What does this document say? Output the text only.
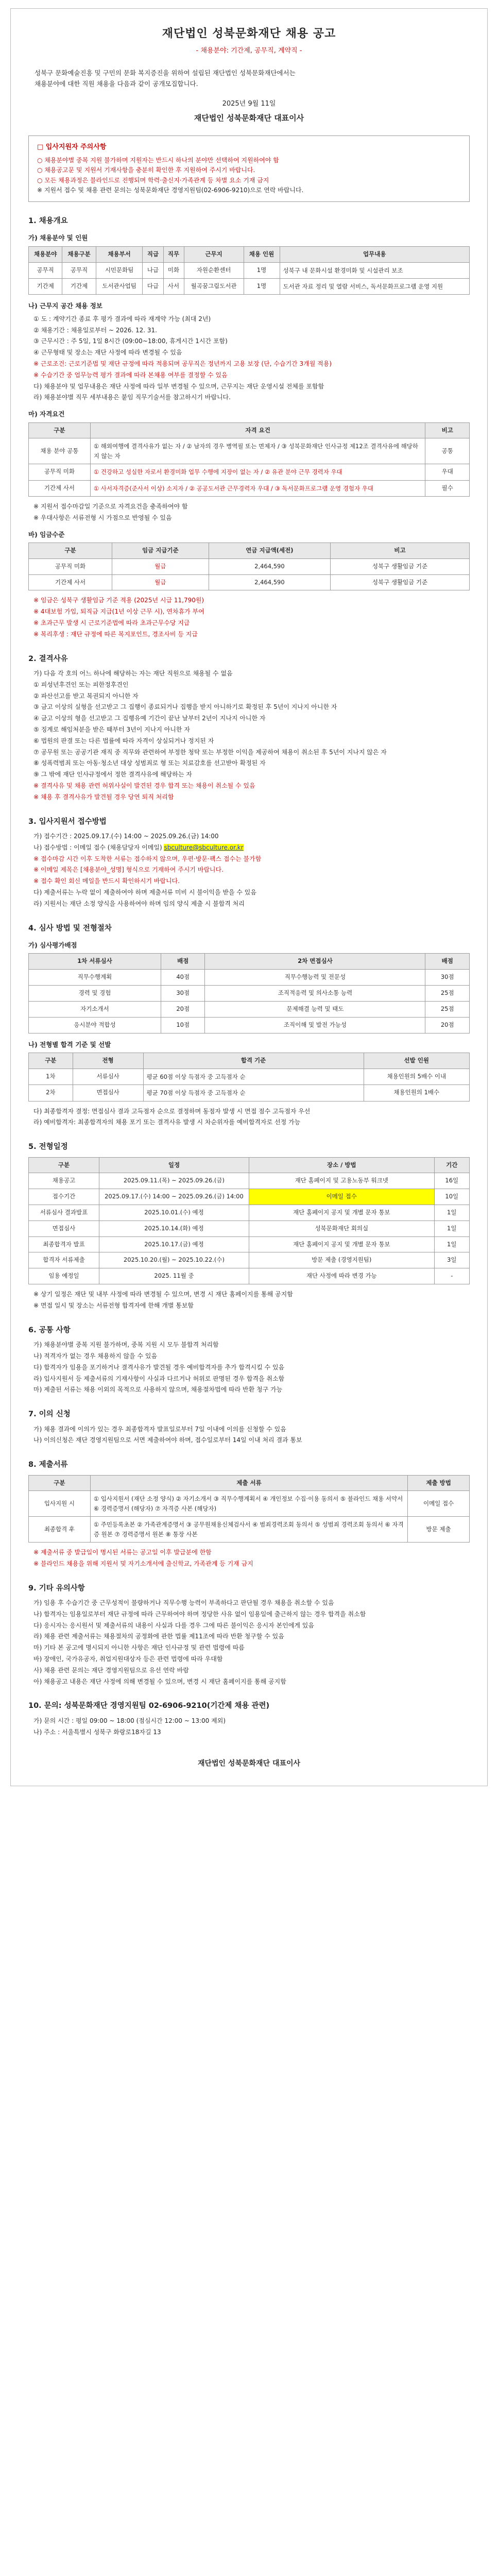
재단법인 성북문화재단 채용 공고
- 채용분야: 기간제, 공무직, 계약직 -
성북구 문화예술진흥 및 구민의 문화 복지증진을 위하여 설립된 재단법인 성북문화재단에서는
채용분야에 대한 직원 채용을 다음과 같이 공개모집합니다.
2025년 9월 11일
재단법인 성북문화재단 대표이사
□ 입사지원자 주의사항
○ 채용분야별 중복 지원 불가하며 지원자는 반드시 하나의 분야만 선택하여 지원하여야 함
○ 채용공고문 및 지원서 기재사항을 충분히 확인한 후 지원하여 주시기 바랍니다.
○ 모든 채용과정은 블라인드로 진행되며 학력·출신지·가족관계 등 차별 요소 기재 금지
※ 지원서 접수 및 채용 관련 문의는 성북문화재단 경영지원팀(02-6906-9210)으로 연락 바랍니다.
1. 채용개요
가) 채용분야 및 인원
채용분야	채용구분	채용부서	직급	직무	근무지	채용 인원	업무내용
공무직	공무직	시민문화팀	나급	미화	자원순환센터	1명	성북구 내 문화시설 환경미화 및 시설관리 보조
기간제	기간제	도서관사업팀	다급	사서	월곡꿈그림도서관	1명	도서관 자료 정리 및 열람 서비스, 독서문화프로그램 운영 지원
나) 근무지 공간 채용 정보

① 도 : 계약기간 종료 후 평가 결과에 따라 재계약 가능 (최대 2년)

② 채용기간 : 채용일로부터 ~ 2026. 12. 31.

③ 근무시간 : 주 5일, 1일 8시간 (09:00~18:00, 휴게시간 1시간 포함)

④ 근무형태 및 장소는 재단 사정에 따라 변경될 수 있음

※ 근로조건: 근로기준법 및 재단 규정에 따라 적용되며 공무직은 정년까지 고용 보장 (단, 수습기간 3개월 적용)

※ 수습기간 중 업무능력 평가 결과에 따라 본채용 여부를 결정할 수 있음

다) 채용분야 및 업무내용은 재단 사정에 따라 일부 변경될 수 있으며, 근무지는 재단 운영시설 전체를 포함함

라) 채용분야별 직무 세부내용은 붙임 직무기술서를 참고하시기 바랍니다.

마) 자격요건
구분	자격 요건	비고
채용 분야 공통	① 해외여행에 결격사유가 없는 자 / ② 남자의 경우 병역필 또는 면제자 / ③ 성북문화재단 인사규정 제12조 결격사유에 해당하지 않는 자	공통
공무직 미화	① 건강하고 성실한 자로서 환경미화 업무 수행에 지장이 없는 자 / ② 유관 분야 근무 경력자 우대	우대
기간제 사서	① 사서자격증(준사서 이상) 소지자 / ② 공공도서관 근무경력자 우대 / ③ 독서문화프로그램 운영 경험자 우대	필수

※ 지원서 접수마감일 기준으로 자격요건을 충족하여야 함

※ 우대사항은 서류전형 시 가점으로 반영될 수 있음

바) 임금수준
구분	임금 지급기준	연금 지급액(세전)	비고
공무직 미화	월급	2,464,590	성북구 생활임금 기준
기간제 사서	월급	2,464,590	성북구 생활임금 기준

※ 임금은 성북구 생활임금 기준 적용 (2025년 시급 11,790원)

※ 4대보험 가입, 퇴직금 지급(1년 이상 근무 시), 연차휴가 부여

※ 초과근무 발생 시 근로기준법에 따라 초과근무수당 지급

※ 복리후생 : 재단 규정에 따른 복지포인트, 경조사비 등 지급

2. 결격사유

가) 다음 각 호의 어느 하나에 해당하는 자는 재단 직원으로 채용될 수 없음

① 피성년후견인 또는 피한정후견인

② 파산선고를 받고 복권되지 아니한 자

③ 금고 이상의 실형을 선고받고 그 집행이 종료되거나 집행을 받지 아니하기로 확정된 후 5년이 지나지 아니한 자

④ 금고 이상의 형을 선고받고 그 집행유예 기간이 끝난 날부터 2년이 지나지 아니한 자

⑤ 징계로 해임처분을 받은 때부터 3년이 지나지 아니한 자

⑥ 법원의 판결 또는 다른 법률에 따라 자격이 상실되거나 정지된 자

⑦ 공무원 또는 공공기관 재직 중 직무와 관련하여 부정한 청탁 또는 부정한 이익을 제공하여 채용이 취소된 후 5년이 지나지 않은 자

⑧ 성폭력범죄 또는 아동·청소년 대상 성범죄로 형 또는 치료감호를 선고받아 확정된 자

⑨ 그 밖에 재단 인사규정에서 정한 결격사유에 해당하는 자

※ 결격사유 및 채용 관련 허위사실이 발견된 경우 합격 또는 채용이 취소될 수 있음

※ 채용 후 결격사유가 발견될 경우 당연 퇴직 처리함

3. 입사지원서 접수방법

가) 접수기간 : 2025.09.17.(수) 14:00 ~ 2025.09.26.(금) 14:00

나) 접수방법 : 이메일 접수 (채용담당자 이메일) sbculture@sbculture.or.kr

※ 접수마감 시간 이후 도착한 서류는 접수하지 않으며, 우편·방문·팩스 접수는 불가함

※ 이메일 제목은 [채용분야_성명] 형식으로 기재하여 주시기 바랍니다.

※ 접수 확인 회신 메일을 반드시 확인하시기 바랍니다.

다) 제출서류는 누락 없이 제출하여야 하며 제출서류 미비 시 불이익을 받을 수 있음

라) 지원서는 재단 소정 양식을 사용하여야 하며 임의 양식 제출 시 불합격 처리

4. 심사 방법 및 전형절차
가) 심사평가배점
1차 서류심사	배점	2차 면접심사	배점
직무수행계획	40점	직무수행능력 및 전문성	30점
경력 및 경험	30점	조직적응력 및 의사소통 능력	25점
자기소개서	20점	문제해결 능력 및 태도	25점
응시분야 적합성	10점	조직이해 및 발전 가능성	20점
나) 전형별 합격 기준 및 선발
구분	전형	합격 기준	선발 인원
1차	서류심사	평균 60점 이상 득점자 중 고득점자 순	채용인원의 5배수 이내
2차	면접심사	평균 70점 이상 득점자 중 고득점자 순	채용인원의 1배수

다) 최종합격자 결정: 면접심사 결과 고득점자 순으로 결정하며 동점자 발생 시 면접 점수 고득점자 우선

라) 예비합격자: 최종합격자의 채용 포기 또는 결격사유 발생 시 차순위자를 예비합격자로 선정 가능

5. 전형일정
구분	일정	장소 / 방법	기간
채용공고	2025.09.11.(목) ~ 2025.09.26.(금)	재단 홈페이지 및 고용노동부 워크넷	16일
접수기간	2025.09.17.(수) 14:00 ~ 2025.09.26.(금) 14:00	이메일 접수	10일
서류심사 결과발표	2025.10.01.(수) 예정	재단 홈페이지 공지 및 개별 문자 통보	1일
면접심사	2025.10.14.(화) 예정	성북문화재단 회의실	1일
최종합격자 발표	2025.10.17.(금) 예정	재단 홈페이지 공지 및 개별 문자 통보	1일
합격자 서류제출	2025.10.20.(월) ~ 2025.10.22.(수)	방문 제출 (경영지원팀)	3일
임용 예정일	2025. 11월 중	재단 사정에 따라 변경 가능	-

※ 상기 일정은 재단 및 내부 사정에 따라 변경될 수 있으며, 변경 시 재단 홈페이지를 통해 공지함

※ 면접 일시 및 장소는 서류전형 합격자에 한해 개별 통보함

6. 공통 사항

가) 채용분야별 중복 지원 불가하며, 중복 지원 시 모두 불합격 처리함

나) 적격자가 없는 경우 채용하지 않을 수 있음

다) 합격자가 임용을 포기하거나 결격사유가 발견될 경우 예비합격자를 추가 합격시킬 수 있음

라) 입사지원서 등 제출서류의 기재사항이 사실과 다르거나 허위로 판명된 경우 합격을 취소함

마) 제출된 서류는 채용 이외의 목적으로 사용하지 않으며, 채용절차법에 따라 반환 청구 가능

7. 이의 신청

가) 채용 결과에 이의가 있는 경우 최종합격자 발표일로부터 7일 이내에 이의를 신청할 수 있음

나) 이의신청은 재단 경영지원팀으로 서면 제출하여야 하며, 접수일로부터 14일 이내 처리 결과 통보

8. 제출서류
구분	제출 서류	제출 방법
입사지원 시	① 입사지원서 (재단 소정 양식) ② 자기소개서 ③ 직무수행계획서 ④ 개인정보 수집·이용 동의서 ⑤ 블라인드 채용 서약서 ⑥ 경력증명서 (해당자) ⑦ 자격증 사본 (해당자)	이메일 접수
최종합격 후	① 주민등록초본 ② 가족관계증명서 ③ 공무원채용신체검사서 ④ 범죄경력조회 동의서 ⑤ 성범죄 경력조회 동의서 ⑥ 자격증 원본 ⑦ 경력증명서 원본 ⑧ 통장 사본	방문 제출

※ 제출서류 중 발급일이 명시된 서류는 공고일 이후 발급분에 한함

※ 블라인드 채용을 위해 지원서 및 자기소개서에 출신학교, 가족관계 등 기재 금지

9. 기타 유의사항

가) 임용 후 수습기간 중 근무성적이 불량하거나 직무수행 능력이 부족하다고 판단될 경우 채용을 취소할 수 있음

나) 합격자는 임용일로부터 재단 규정에 따라 근무하여야 하며 정당한 사유 없이 임용일에 출근하지 않는 경우 합격을 취소함

다) 응시자는 응시원서 및 제출서류의 내용이 사실과 다를 경우 그에 따른 불이익은 응시자 본인에게 있음

라) 채용 관련 제출서류는 채용절차의 공정화에 관한 법률 제11조에 따라 반환 청구할 수 있음

마) 기타 본 공고에 명시되지 아니한 사항은 재단 인사규정 및 관련 법령에 따름

바) 장애인, 국가유공자, 취업지원대상자 등은 관련 법령에 따라 우대함

사) 채용 관련 문의는 재단 경영지원팀으로 유선 연락 바람

아) 채용공고 내용은 재단 사정에 의해 변경될 수 있으며, 변경 시 재단 홈페이지를 통해 공지함

10. 문의: 성북문화재단 경영지원팀 02-6906-9210(기간제 채용 관련)

가) 문의 시간 : 평일 09:00 ~ 18:00 (점심시간 12:00 ~ 13:00 제외)

나) 주소 : 서울특별시 성북구 화랑로18자길 13

재단법인 성북문화재단 대표이사
